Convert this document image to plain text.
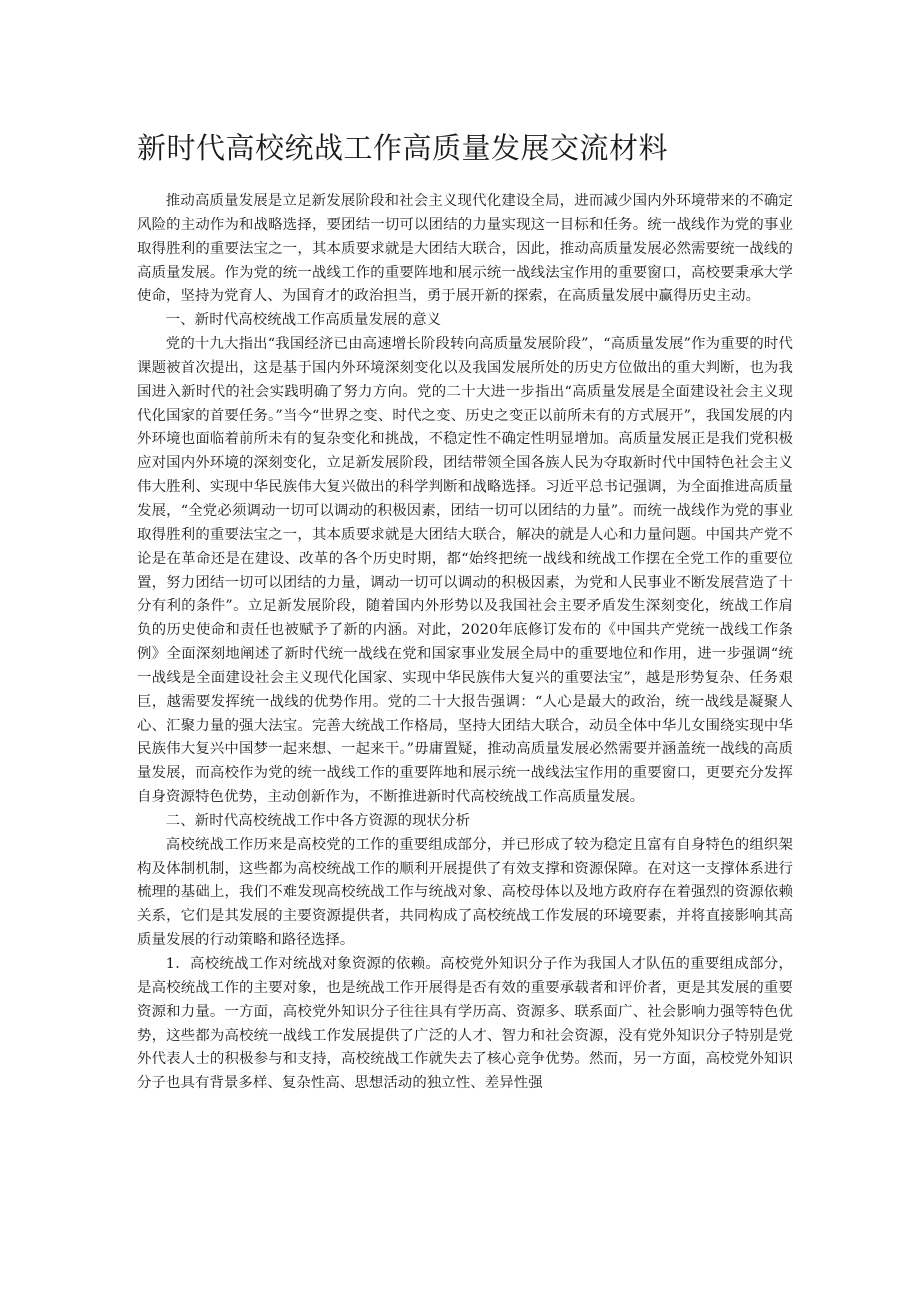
新时代高校统战工作高质量发展交流材料

推动高质量发展是立足新发展阶段和社会主义现代化建设全局，进而减少国内外环境带来的不确定风险的主动作为和战略选择，要团结一切可以团结的力量实现这一目标和任务。统一战线作为党的事业取得胜利的重要法宝之一，其本质要求就是大团结大联合，因此，推动高质量发展必然需要统一战线的高质量发展。作为党的统一战线工作的重要阵地和展示统一战线法宝作用的重要窗口，高校要秉承大学使命，坚持为党育人、为国育才的政治担当，勇于展开新的探索，在高质量发展中赢得历史主动。

一、新时代高校统战工作高质量发展的意义

党的十九大指出“我国经济已由高速增长阶段转向高质量发展阶段”，“高质量发展”作为重要的时代课题被首次提出，这是基于国内外环境深刻变化以及我国发展所处的历史方位做出的重大判断，也为我国进入新时代的社会实践明确了努力方向。党的二十大进一步指出“高质量发展是全面建设社会主义现代化国家的首要任务。”当今“世界之变、时代之变、历史之变正以前所未有的方式展开”，我国发展的内外环境也面临着前所未有的复杂变化和挑战，不稳定性不确定性明显增加。高质量发展正是我们党积极应对国内外环境的深刻变化，立足新发展阶段，团结带领全国各族人民为夺取新时代中国特色社会主义伟大胜利、实现中华民族伟大复兴做出的科学判断和战略选择。习近平总书记强调，为全面推进高质量发展，“全党必须调动一切可以调动的积极因素，团结一切可以团结的力量”。而统一战线作为党的事业取得胜利的重要法宝之一，其本质要求就是大团结大联合，解决的就是人心和力量问题。中国共产党不论是在革命还是在建设、改革的各个历史时期，都“始终把统一战线和统战工作摆在全党工作的重要位置，努力团结一切可以团结的力量，调动一切可以调动的积极因素，为党和人民事业不断发展营造了十分有利的条件”。立足新发展阶段，随着国内外形势以及我国社会主要矛盾发生深刻变化，统战工作肩负的历史使命和责任也被赋予了新的内涵。对此，2020年底修订发布的《中国共产党统一战线工作条例》全面深刻地阐述了新时代统一战线在党和国家事业发展全局中的重要地位和作用，进一步强调“统一战线是全面建设社会主义现代化国家、实现中华民族伟大复兴的重要法宝”，越是形势复杂、任务艰巨，越需要发挥统一战线的优势作用。党的二十大报告强调：“人心是最大的政治，统一战线是凝聚人心、汇聚力量的强大法宝。完善大统战工作格局，坚持大团结大联合，动员全体中华儿女围绕实现中华民族伟大复兴中国梦一起来想、一起来干。”毋庸置疑，推动高质量发展必然需要并涵盖统一战线的高质量发展，而高校作为党的统一战线工作的重要阵地和展示统一战线法宝作用的重要窗口，更要充分发挥自身资源特色优势，主动创新作为，不断推进新时代高校统战工作高质量发展。

二、新时代高校统战工作中各方资源的现状分析

高校统战工作历来是高校党的工作的重要组成部分，并已形成了较为稳定且富有自身特色的组织架构及体制机制，这些都为高校统战工作的顺利开展提供了有效支撑和资源保障。在对这一支撑体系进行梳理的基础上，我们不难发现高校统战工作与统战对象、高校母体以及地方政府存在着强烈的资源依赖关系，它们是其发展的主要资源提供者，共同构成了高校统战工作发展的环境要素，并将直接影响其高质量发展的行动策略和路径选择。

1．高校统战工作对统战对象资源的依赖。高校党外知识分子作为我国人才队伍的重要组成部分，是高校统战工作的主要对象，也是统战工作开展得是否有效的重要承载者和评价者，更是其发展的重要资源和力量。一方面，高校党外知识分子往往具有学历高、资源多、联系面广、社会影响力强等特色优势，这些都为高校统一战线工作发展提供了广泛的人才、智力和社会资源，没有党外知识分子特别是党外代表人士的积极参与和支持，高校统战工作就失去了核心竞争优势。然而，另一方面，高校党外知识分子也具有背景多样、复杂性高、思想活动的独立性、差异性强
